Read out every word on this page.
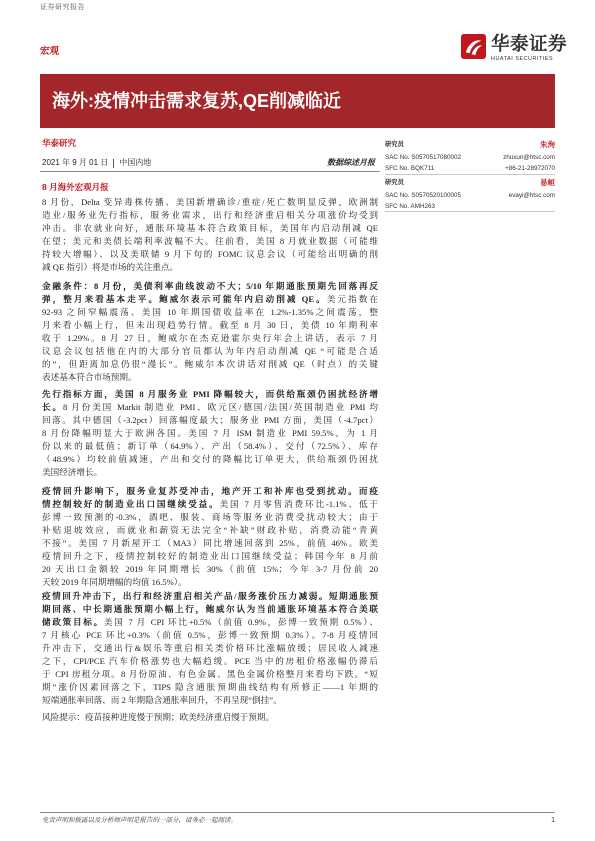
证券研究报告
宏观	华泰证券
HUATAI SECURITIES
海外:疫情冲击需求复苏,QE削减临近
华泰研究
2021 年 9 月 01 日 中国内地	数据综述月报
研究员	朱洵
SAC No. S0570517080002	zhuxun@htsc.com
SFC No. BQK711	+86-21-28972070
研究员	易峘
SAC No. S0570520100005	evayi@htsc.com
SFC No. AMH263
8 月海外宏观月报
8 月份，Delta 变异毒株传播、美国新增确诊/重症/死亡数明显反弹，欧洲制
造业/服务业先行指标，服务业需求，出行和经济重启相关分项涨价均受到
冲击。非农就业向好，通胀环境基本符合政策目标，美国年内启动削减 QE
在望；美元和美债长端利率波幅不大。往前看，美国 8 月就业数据（可能维
持较大增幅）、以及美联储 9 月下旬的 FOMC 议息会议（可能给出明确的削
减 QE 指引）将是市场的关注重点。
金融条件：8 月份，美债利率曲线波动不大；5/10 年期通胀预期先回落再反
弹，整月来看基本走平。鲍威尔表示可能年内启动削减 QE。美元指数在
92-93 之间窄幅震荡、美国 10 年期国债收益率在 1.2%-1.35%之间震荡，整
月来看小幅上行，但未出现趋势行情。截至 8 月 30 日，美债 10 年期利率
收于 1.29%。8 月 27 日，鲍威尔在杰克逊霍尔央行年会上讲话，表示 7 月
议息会议包括他在内的大部分官员都认为年内启动削减 QE “可能是合适
的”，但距离加息仍很“漫长”。鲍威尔本次讲话对削减 QE（时点）的关键
表述基本符合市场预期。
先行指标方面，美国 8 月服务业 PMI 降幅较大，而供给瓶颈仍困扰经济增
长。8 月份美国 Markit 制造业 PMI、欧元区/德国/法国/英国制造业 PMI 均
回落。其中德国（-3.2pct）回落幅度最大；服务业 PMI 方面，美国（-4.7pct）
8 月份降幅明显大于欧洲各国。美国 7 月 ISM 制造业 PMI 59.5%，为 1 月
份以来的最低值；新订单（64.9%）、产出（58.4%）、交付（72.5%）、库存
（48.9%）均较前值减速，产出和交付的降幅比订单更大，供给瓶颈仍困扰
美国经济增长。
疫情回升影响下，服务业复苏受冲击，地产开工和补库也受到扰动。而疫
情控制较好的制造业出口国继续受益。美国 7 月零售消费环比-1.1%、低于
彭博一致预测的-0.3%，酒吧、服装、商场等服务业消费受扰动较大；由于
补贴退坡效应，而就业和薪资无法完全“补缺”财政补贴，消费动能“青黄
不接”。美国 7 月新屋开工（MA3）同比增速回落到 25%，前值 46%。欧美
疫情回升之下，疫情控制较好的制造业出口国继续受益；韩国今年 8 月前
20 天出口金额较 2019 年同期增长 30%（前值 15%；今年 3-7 月份前 20
天较 2019 年同期增幅的均值 16.5%）。
疫情回升冲击下，出行和经济重启相关产品/服务涨价压力减弱。短期通胀预
期回落、中长期通胀预期小幅上行，鲍威尔认为当前通胀环境基本符合美联
储政策目标。美国 7 月 CPI 环比+0.5%（前值 0.9%，彭博一致预期 0.5%）、
7 月核心 PCE 环比+0.3%（前值 0.5%，彭博一致预期 0.3%）。7-8 月疫情回
升冲击下，交通出行&娱乐等重启相关类价格环比涨幅放缓；居民收入减速
之下，CPI/PCE 汽车价格涨势也大幅趋缓。PCE 当中的房租价格涨幅仍滞后
于 CPI 房租分项。8 月份原油、有色金属、黑色金属价格整月来看均下跌。“短
期”涨价因素回落之下，TIPS 隐含通胀预期曲线结构有所修正——1 年期的
短端通胀率回落、而 2 年期隐含通胀率回升，不再呈现“倒挂”。
风险提示：疫苗接种进度慢于预期；欧美经济重启慢于预期。
免责声明和披露以及分析师声明是报告的一部分，请务必一起阅读。	1
